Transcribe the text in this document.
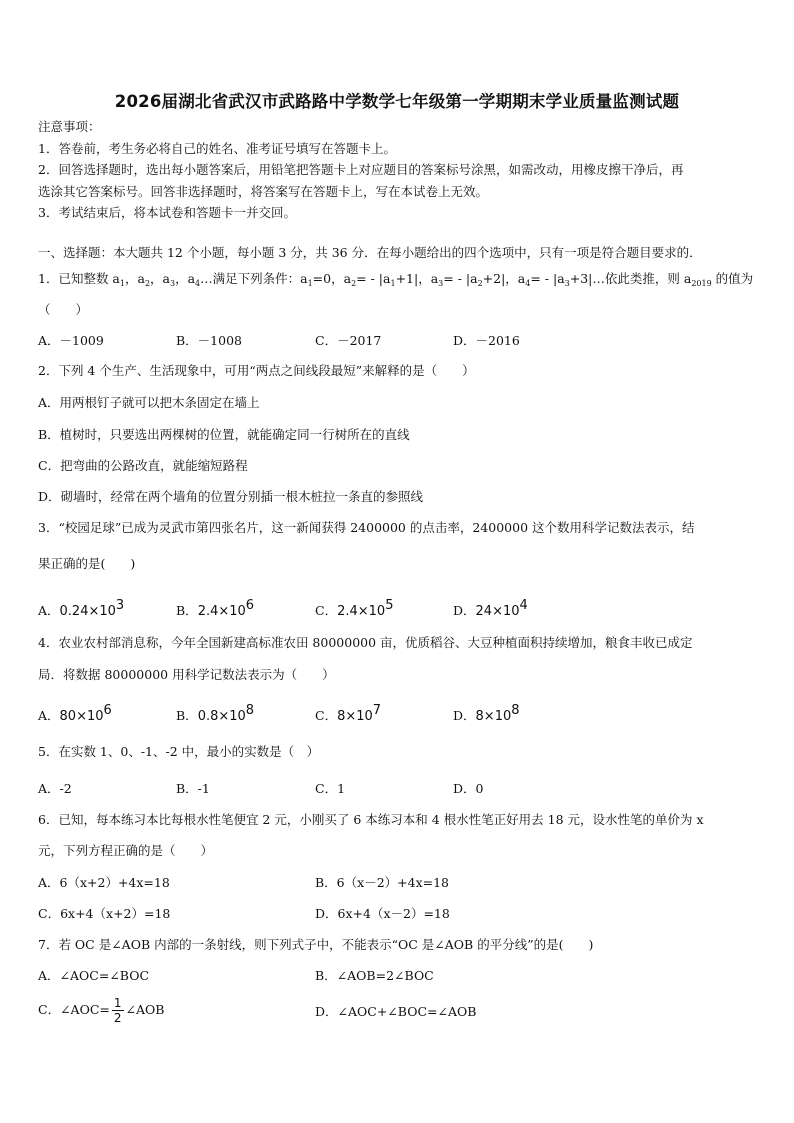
2026届湖北省武汉市武路路中学数学七年级第一学期期末学业质量监测试题
注意事项：
1．答卷前，考生务必将自己的姓名、准考证号填写在答题卡上。
2．回答选择题时，选出每小题答案后，用铅笔把答题卡上对应题目的答案标号涂黑，如需改动，用橡皮擦干净后，再
选涂其它答案标号。回答非选择题时，将答案写在答题卡上，写在本试卷上无效。
3．考试结束后，将本试卷和答题卡一并交回。
一、选择题：本大题共 12 个小题，每小题 3 分，共 36 分．在每小题给出的四个选项中，只有一项是符合题目要求的．
1．已知整数 $a_1$，$a_2$，$a_3$，$a_4\dots$满足下列条件：$a_1=0$，$a_2= - |a_1+1|$，$a_3= - |a_2+2|$，$a_4=$ - $|a_3+3|\dots$依此类推，则 $a_{2019}$ 的值为
（　　）
A．－1009	B．－1008	C．－2017	D．－2016
2．下列 4 个生产、生活现象中，可用“两点之间线段最短”来解释的是（　　）
A．用两根钉子就可以把木条固定在墙上
B．植树时，只要选出两棵树的位置，就能确定同一行树所在的直线
C．把弯曲的公路改直，就能缩短路程
D．砌墙时，经常在两个墙角的位置分别插一根木桩拉一条直的参照线
3．“校园足球”已成为灵武市第四张名片，这一新闻获得 2400000 的点击率，2400000 这个数用科学记数法表示，结
果正确的是(　　)
A．$0.24\times 10^3$	B．$2.4\times 10^6$	C．$2.4\times 10^5$	D．$24\times 10^4$
4．农业农村部消息称，今年全国新建高标准农田 80000000 亩，优质稻谷、大豆种植面积持续增加，粮食丰收已成定
局．将数据 80000000 用科学记数法表示为（　　）
A．$80\times 10^6$	B．$0.8\times 10^8$	C．$8\times 10^7$	D．$8\times 10^8$
5．在实数 1、0、-1、-2 中，最小的实数是（　）
A．-2	B．-1	C．1	D．0
6．已知，每本练习本比每根水性笔便宜 2 元，小刚买了 6 本练习本和 4 根水性笔正好用去 18 元，设水性笔的单价为 x
元，下列方程正确的是（　　）
A．6（x+2）+4x=18	B．6（x－2）+4x=18
C．6x+4（x+2）=18	D．6x+4（x－2）=18
7．若 OC 是∠AOB 内部的一条射线，则下列式子中，不能表示“OC 是∠AOB 的平分线”的是(　　)
A．∠AOC=∠BOC	B．∠AOB=2∠BOC
C．∠AOC= $\frac{1}{2}$ ∠AOB	D．∠AOC+∠BOC=∠AOB
